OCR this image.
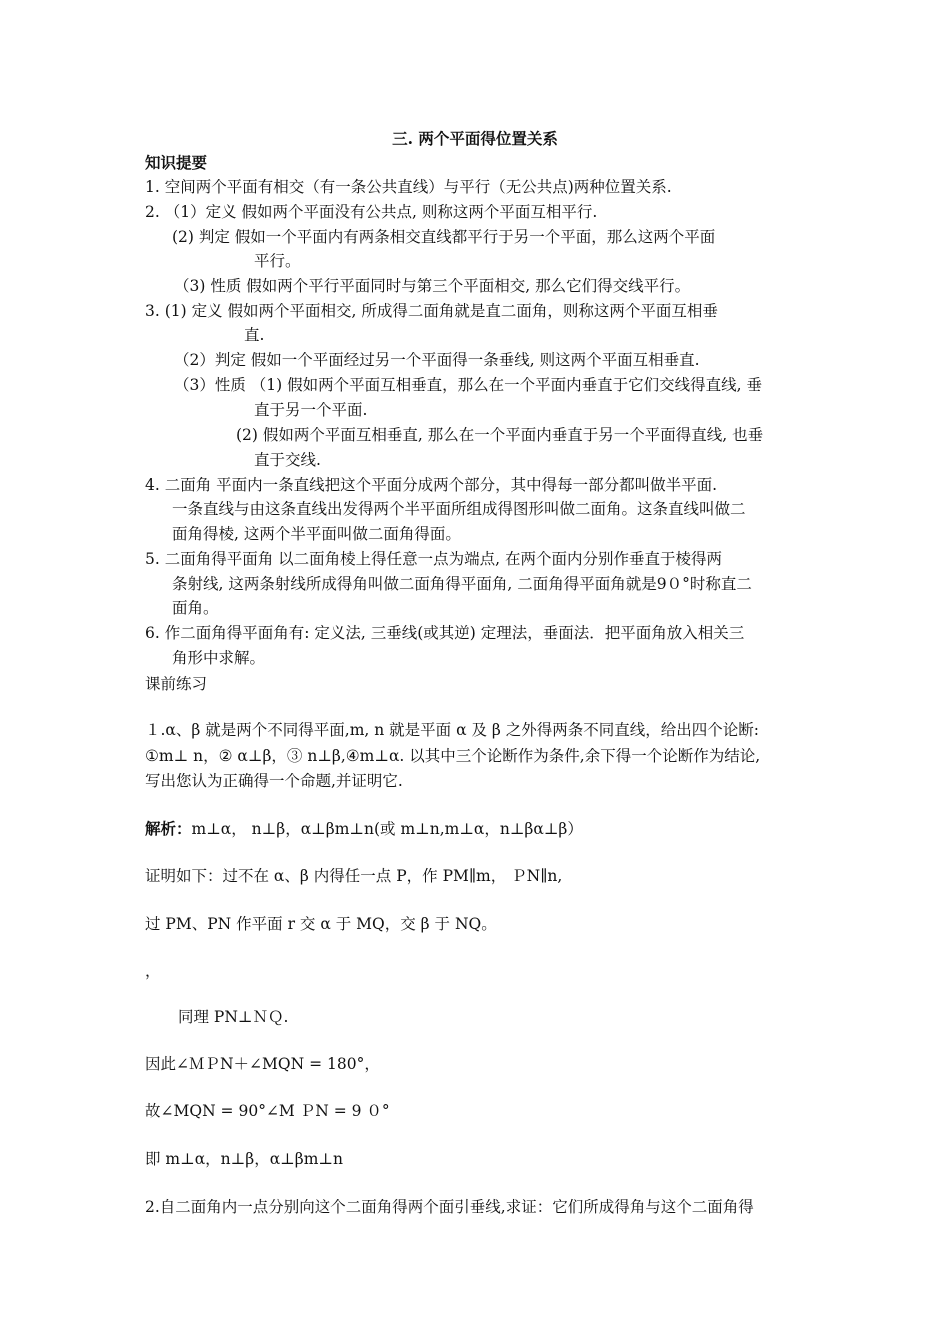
三. 两个平面得位置关系
知识提要
1. 空间两个平面有相交（有一条公共直线）与平行（无公共点)两种位置关系.
2. （1）定义 假如两个平面没有公共点, 则称这两个平面互相平行.
(2) 判定 假如一个平面内有两条相交直线都平行于另一个平面，那么这两个平面
平行。
（3) 性质 假如两个平行平面同时与第三个平面相交, 那么它们得交线平行。
3. (1) 定义 假如两个平面相交, 所成得二面角就是直二面角，则称这两个平面互相垂
直.
（2）判定 假如一个平面经过另一个平面得一条垂线, 则这两个平面互相垂直.
（3）性质 （1) 假如两个平面互相垂直，那么在一个平面内垂直于它们交线得直线, 垂
直于另一个平面.
(2) 假如两个平面互相垂直, 那么在一个平面内垂直于另一个平面得直线, 也垂
直于交线.
4. 二面角 平面内一条直线把这个平面分成两个部分，其中得每一部分都叫做半平面.
一条直线与由这条直线出发得两个半平面所组成得图形叫做二面角。这条直线叫做二
面角得棱, 这两个半平面叫做二面角得面。
5. 二面角得平面角 以二面角棱上得任意一点为端点, 在两个面内分别作垂直于棱得两
条射线, 这两条射线所成得角叫做二面角得平面角, 二面角得平面角就是9０°时称直二
面角。
6. 作二面角得平面角有: 定义法, 三垂线(或其逆) 定理法，垂面法．把平面角放入相关三
角形中求解。
课前练习
１.α、β 就是两个不同得平面,m, n 就是平面 α 及 β 之外得两条不同直线，给出四个论断:
①m⊥ n，② α⊥β，③ n⊥β,④m⊥α. 以其中三个论断作为条件,余下得一个论断作为结论,
写出您认为正确得一个命题,并证明它.
解析：m⊥α， n⊥β，α⊥βm⊥n(或 m⊥n,m⊥α，n⊥βα⊥β）
证明如下：过不在 α、β 内得任一点 P，作 PM∥m， ＰN∥n,
过 PM、PN 作平面 r 交 α 于 MQ，交 β 于 NQ。
，
同理 PN⊥ＮＱ.
因此∠ＭＰN＋∠MQN = 180°，
故∠MQN = 90°∠M ＰN = 9 ０°
即 m⊥α，n⊥β，α⊥βm⊥n
2.自二面角内一点分别向这个二面角得两个面引垂线,求证：它们所成得角与这个二面角得
